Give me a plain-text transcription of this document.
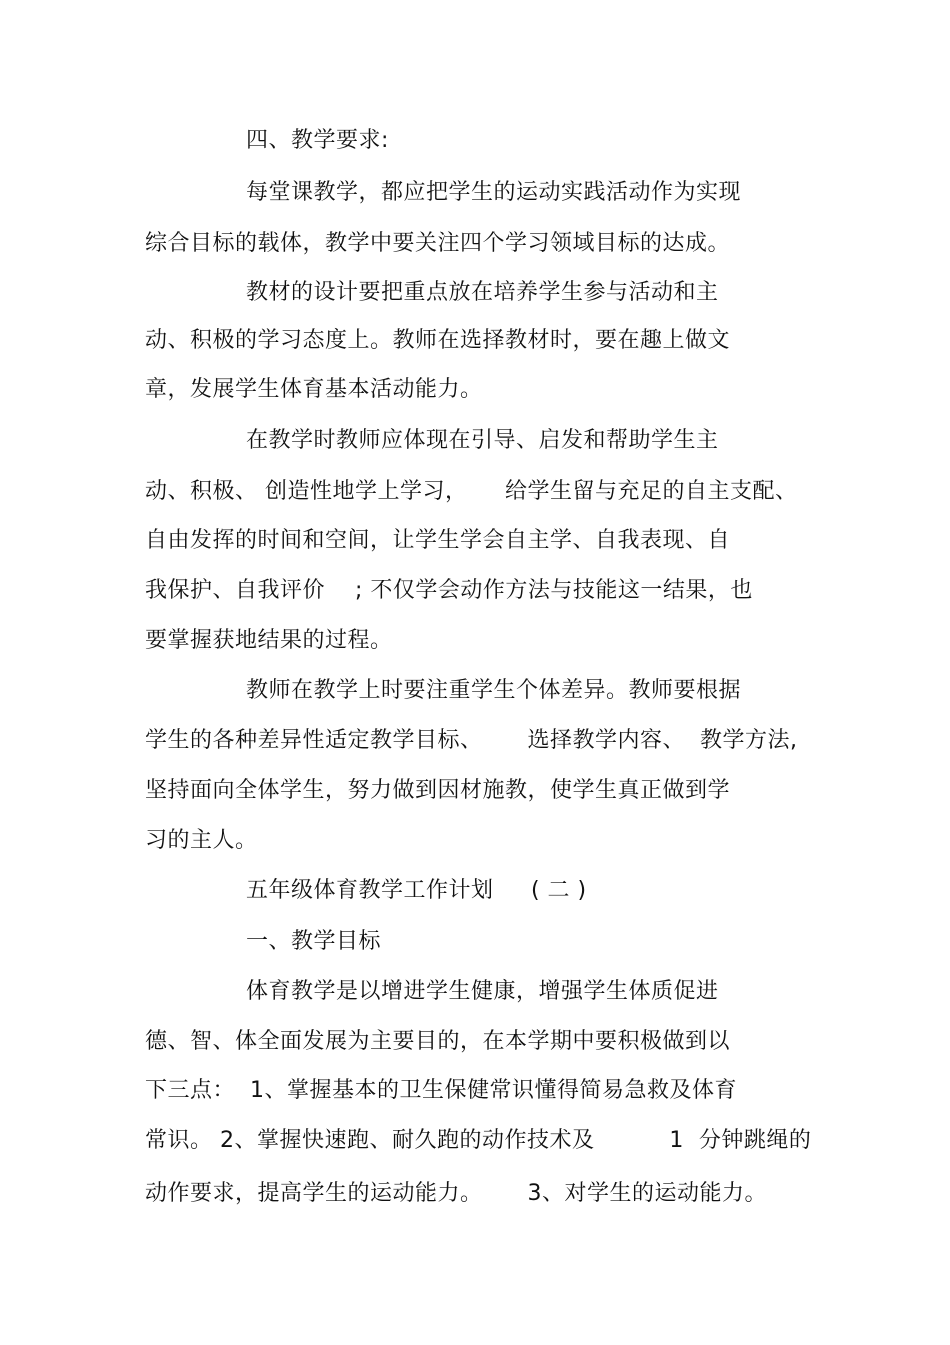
四、教学要求:
每堂课教学，都应把学生的运动实践活动作为实现
综合目标的载体，教学中要关注四个学习领域目标的达成。
教材的设计要把重点放在培养学生参与活动和主
动、积极的学习态度上。教师在选择教材时，要在趣上做文
章，发展学生体育基本活动能力。
在教学时教师应体现在引导、启发和帮助学生主
动、积极、 创造性地学上学习，     给学生留与充足的自主支配、
自由发挥的时间和空间，让学生学会自主学、自我表现、自
我保护、自我评价    ; 不仅学会动作方法与技能这一结果，也
要掌握获地结果的过程。
教师在教学上时要注重学生个体差异。教师要根据
学生的各种差异性适定教学目标、      选择教学内容、  教学方法,
坚持面向全体学生，努力做到因材施教，使学生真正做到学
习的主人。
五年级体育教学工作计划     ( 二 )
一、教学目标
体育教学是以增进学生健康，增强学生体质促进
德、智、体全面发展为主要目的，在本学期中要积极做到以
下三点：  1、掌握基本的卫生保健常识懂得简易急救及体育
常识。 2、掌握快速跑、耐久跑的动作技术及          1  分钟跳绳的
动作要求，提高学生的运动能力。      3、对学生的运动能力。
